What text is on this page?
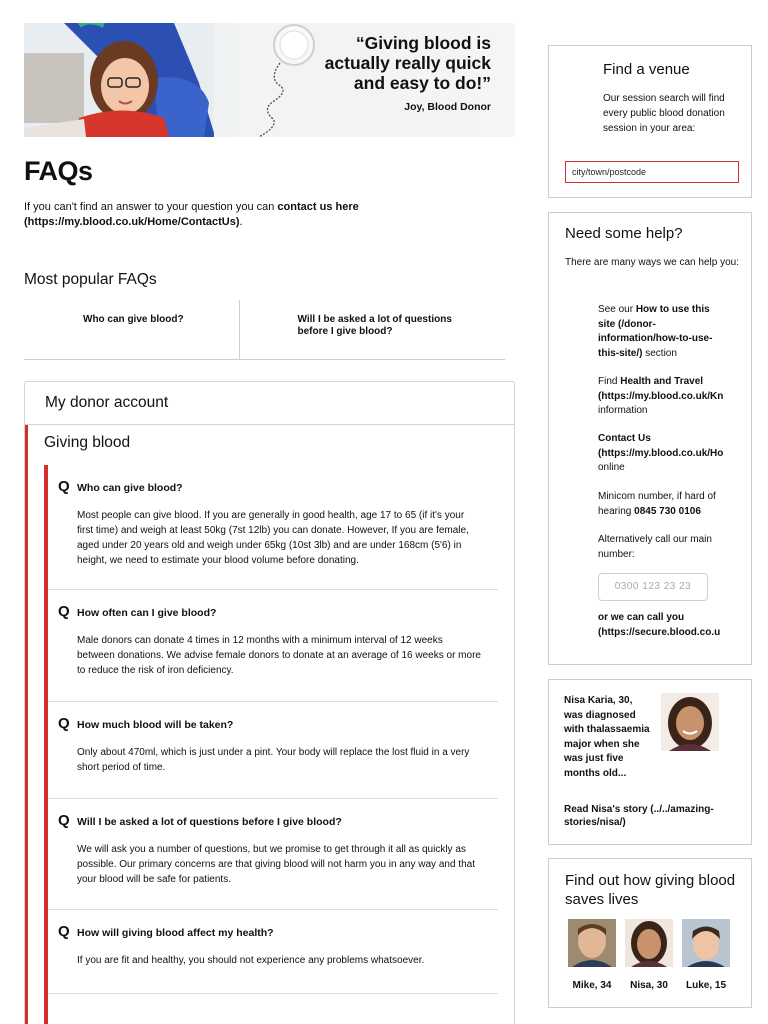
“Giving blood is actually really quick and easy to do!”
Joy, Blood Donor
FAQs

If you can't find an answer to your question you can contact us here (https://my.blood.co.uk/Home/ContactUs).

Most popular FAQs
Who can give blood?	Will I be asked a lot of questions before I give blood?
My donor account
Giving blood
Q Who can give blood?

Most people can give blood. If you are generally in good health, age 17 to 65 (if it's your first time) and weigh at least 50kg (7st 12lb) you can donate. However, If you are female, aged under 20 years old and weigh under 65kg (10st 3lb) and are under 168cm (5'6) in height, we need to estimate your blood volume before donating.

Q How often can I give blood?

Male donors can donate 4 times in 12 months with a minimum interval of 12 weeks between donations. We advise female donors to donate at an average of 16 weeks or more to reduce the risk of iron deficiency.

Q How much blood will be taken?

Only about 470ml, which is just under a pint. Your body will replace the lost fluid in a very short period of time.

Q Will I be asked a lot of questions before I give blood?

We will ask you a number of questions, but we promise to get through it all as quickly as possible. Our primary concerns are that giving blood will not harm you in any way and that your blood will be safe for patients.

Q How will giving blood affect my health?

If you are fit and healthy, you should not experience any problems whatsoever.

Find a venue

Our session search will find every public blood donation session in your area:

city/town/postcode
Need some help?

There are many ways we can help you:

See our How to use this
site (/donor-
information/how-to-use-
this-site/) section
Find Health and Travel
(https://my.blood.co.uk/Kn
information
Contact Us
(https://my.blood.co.uk/Ho
online
Minicom number, if hard of
hearing 0845 730 0106
Alternatively call our main
number:
0300 123 23 23
or we can call you
(https://secure.blood.co.u
Nisa Karia, 30, was diagnosed with thalassaemia major when she was just five months old...
Read Nisa's story (../../amazing-stories/nisa/)
Find out how giving blood saves lives
Mike, 34	Nisa, 30	Luke, 15
